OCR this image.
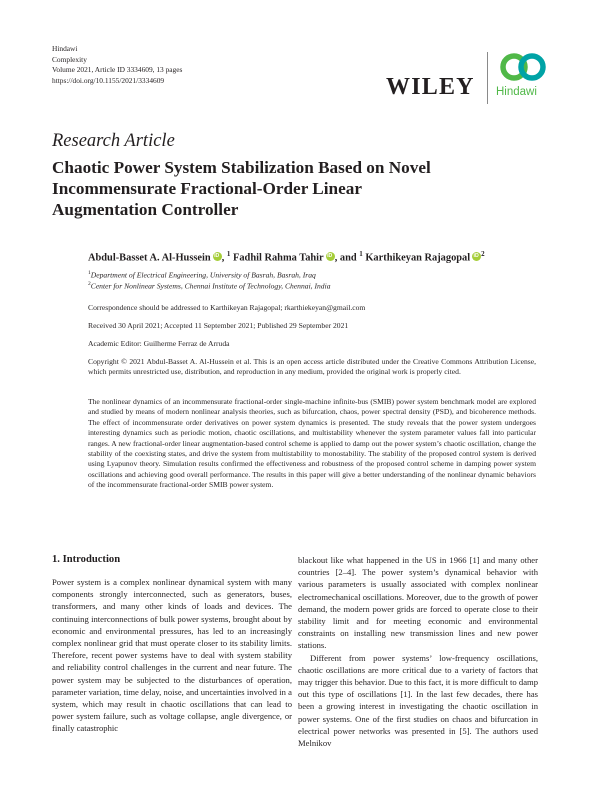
Hindawi
Complexity
Volume 2021, Article ID 3334609, 13 pages
https://doi.org/10.1155/2021/3334609	WILEY Hindawi
Research Article
Chaotic Power System Stabilization Based on Novel
Incommensurate Fractional-Order Linear
Augmentation Controller
Abdul-Basset A. Al-Hussein iD , $^1$ Fadhil Rahma Tahir iD , and $^1$ Karthikeyan Rajagopal iD $^2$
$^1$Department of Electrical Engineering, University of Basrah, Basrah, Iraq
$^2$Center for Nonlinear Systems, Chennai Institute of Technology, Chennai, India
Correspondence should be addressed to Karthikeyan Rajagopal; rkarthiekeyan@gmail.com
Received 30 April 2021; Accepted 11 September 2021; Published 29 September 2021
Academic Editor: Guilherme Ferraz de Arruda
Copyright © 2021 Abdul-Basset A. Al-Hussein et al. This is an open access article distributed under the Creative Commons Attribution License, which permits unrestricted use, distribution, and reproduction in any medium, provided the original work is properly cited.
The nonlinear dynamics of an incommensurate fractional-order single-machine infinite-bus (SMIB) power system benchmark model are explored and studied by means of modern nonlinear analysis theories, such as bifurcation, chaos, power spectral density (PSD), and bicoherence methods. The effect of incommensurate order derivatives on power system dynamics is presented. The study reveals that the power system undergoes interesting dynamics such as periodic motion, chaotic oscillations, and multistability whenever the system parameter values fall into particular ranges. A new fractional-order linear augmentation-based control scheme is applied to damp out the power system’s chaotic oscillation, change the stability of the coexisting states, and drive the system from multistability to monostability. The stability of the proposed control system is derived using Lyapunov theory. Simulation results confirmed the effectiveness and robustness of the proposed control scheme in damping power system oscillations and achieving good overall performance. The results in this paper will give a better understanding of the nonlinear dynamic behaviors of the incommensurate fractional-order SMIB power system.
1. Introduction

Power system is a complex nonlinear dynamical system with many components strongly interconnected, such as generators, buses, transformers, and many other kinds of loads and devices. The continuing interconnections of bulk power systems, brought about by economic and environmental pressures, has led to an increasingly complex nonlinear grid that must operate closer to its stability limits. Therefore, recent power systems have to deal with system stability and reliability control challenges in the current and near future. The power system may be subjected to the disturbances of operation, parameter variation, time delay, noise, and uncertainties involved in a system, which may result in chaotic oscillations that can lead to power system failure, such as voltage collapse, angle divergence, or finally catastrophic

blackout like what happened in the US in 1966 [1] and many other countries [2–4]. The power system’s dynamical behavior with various parameters is usually associated with complex nonlinear electromechanical oscillations. Moreover, due to the growth of power demand, the modern power grids are forced to operate close to their stability limit and for meeting economic and environmental constraints on installing new transmission lines and new power stations.

Different from power systems’ low-frequency oscillations, chaotic oscillations are more critical due to a variety of factors that may trigger this behavior. Due to this fact, it is more difficult to damp out this type of oscillations [1]. In the last few decades, there has been a growing interest in investigating the chaotic oscillation in power systems. One of the first studies on chaos and bifurcation in electrical power networks was presented in [5]. The authors used Melnikov
